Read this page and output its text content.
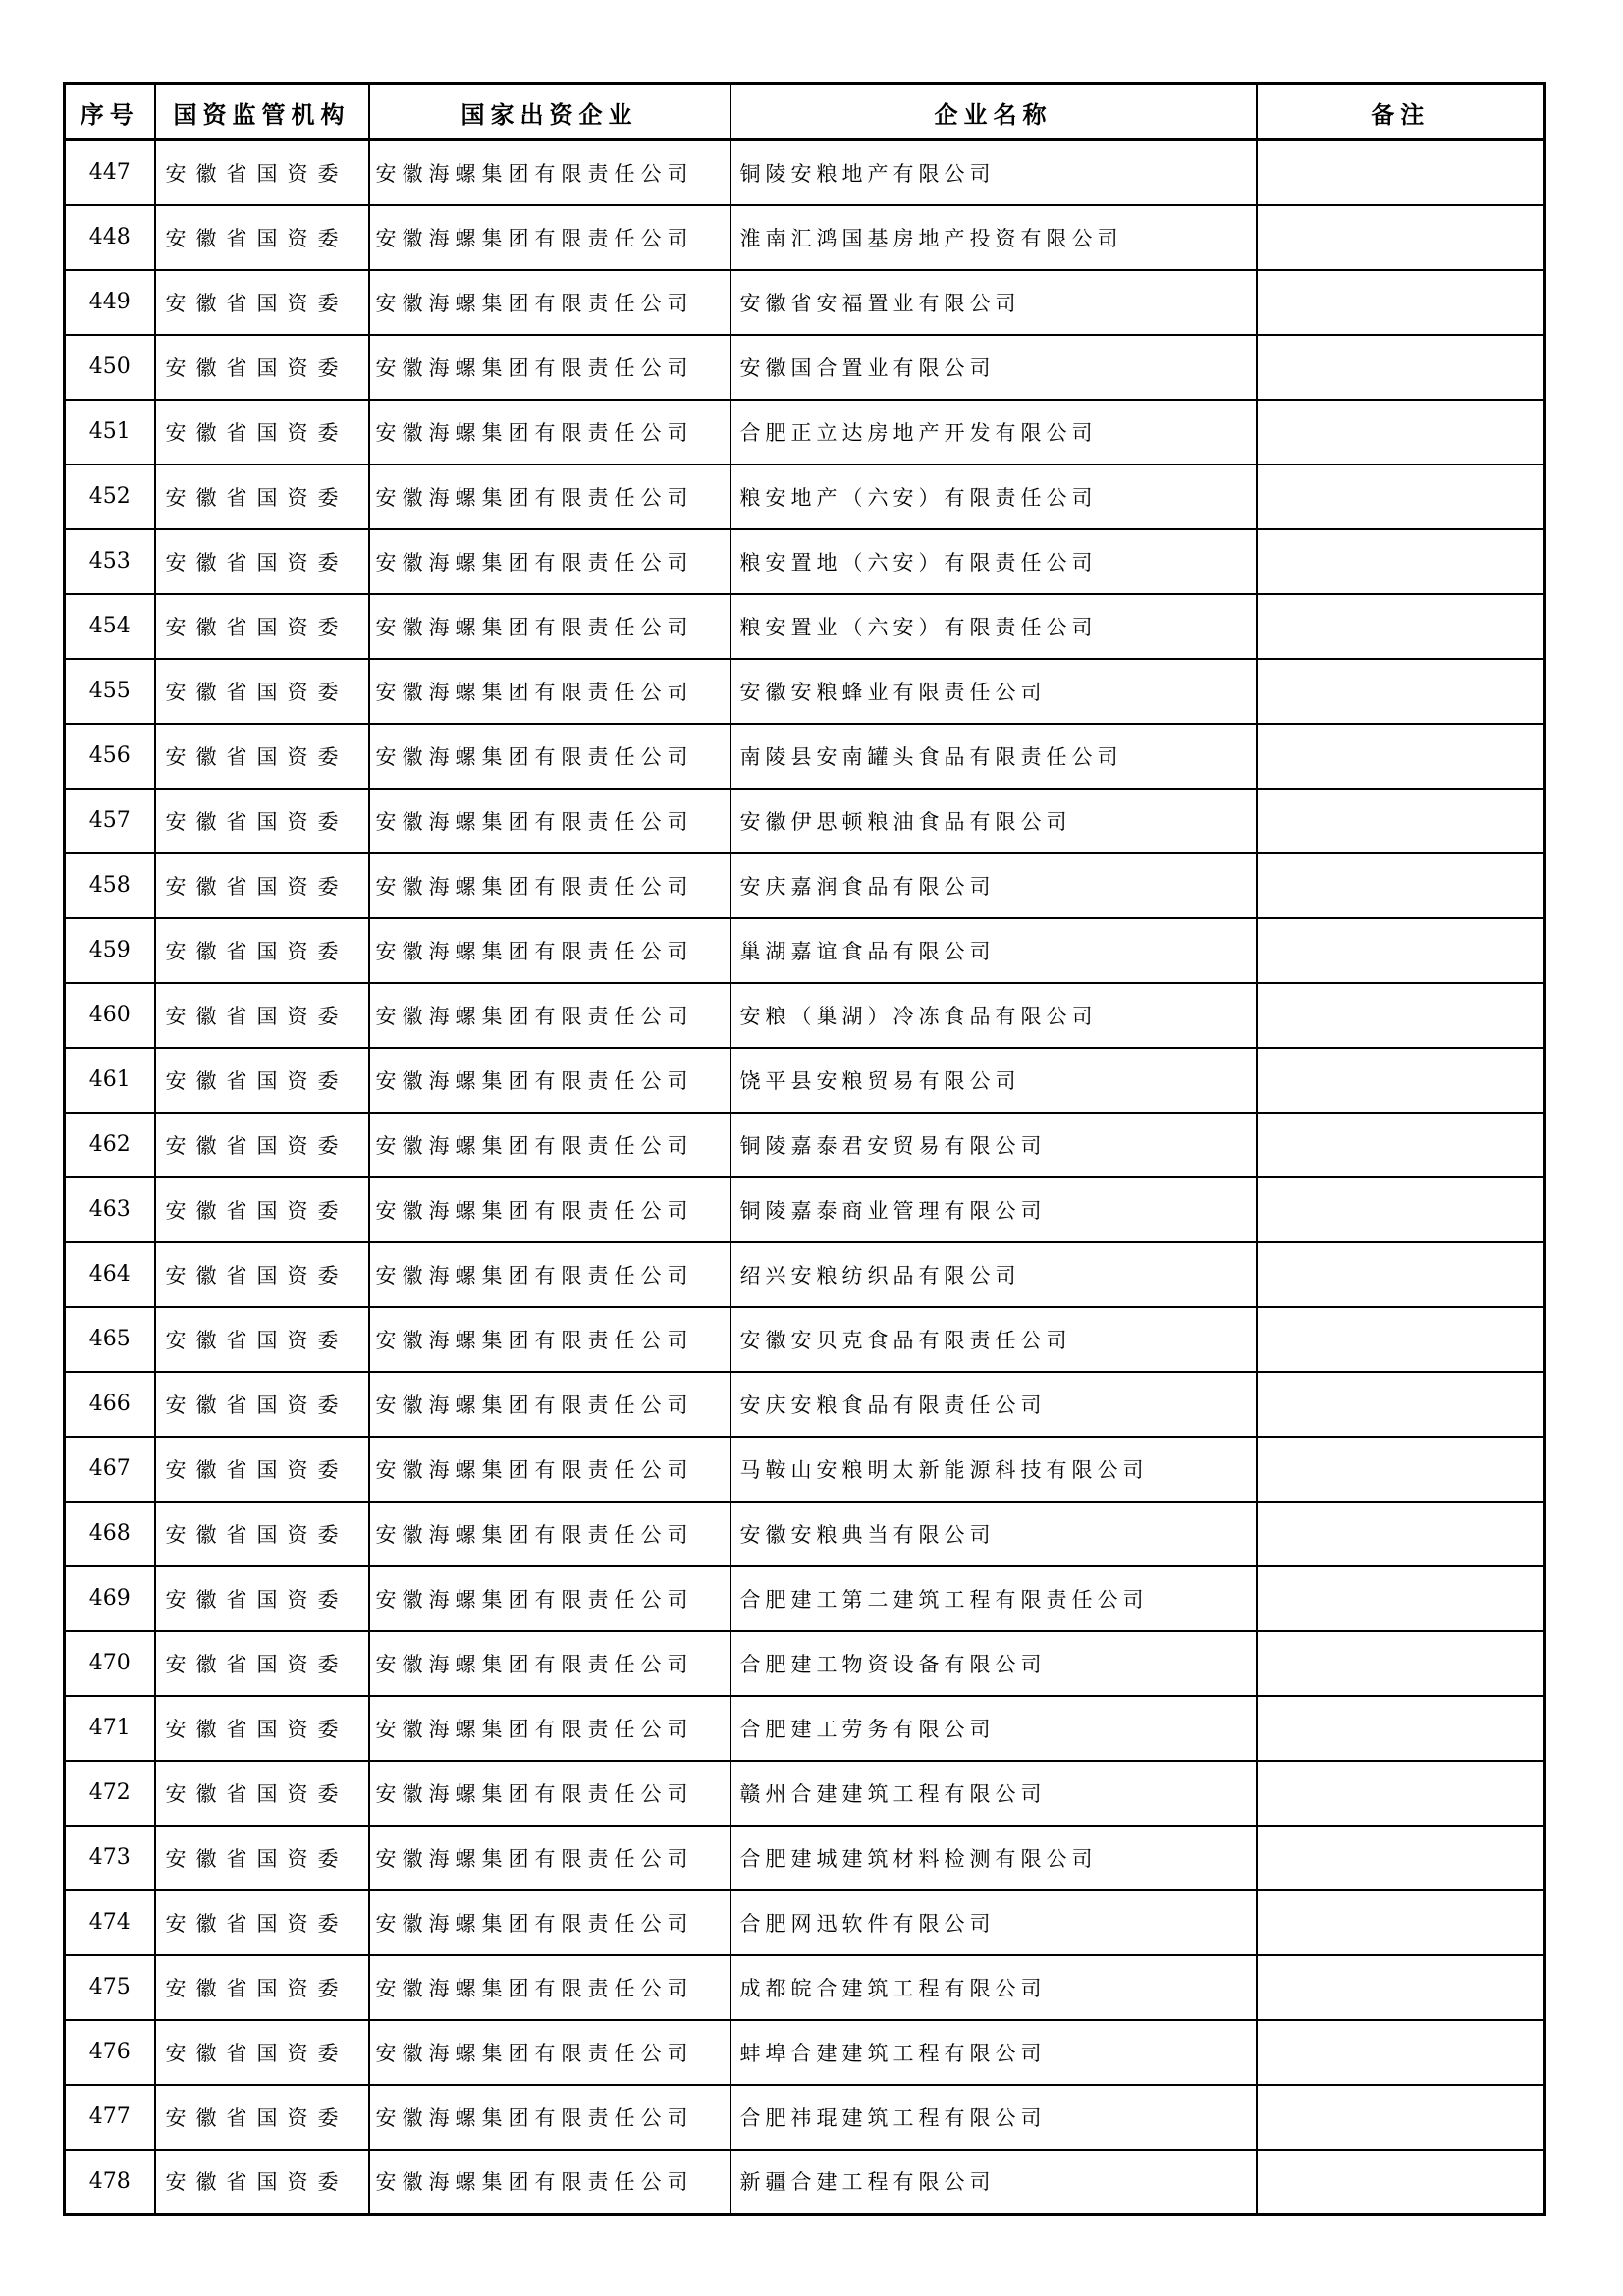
序号	国资监管机构	国家出资企业	企业名称	备注
447	安徽省国资委	安徽海螺集团有限责任公司	铜陵安粮地产有限公司	
448	安徽省国资委	安徽海螺集团有限责任公司	淮南汇鸿国基房地产投资有限公司	
449	安徽省国资委	安徽海螺集团有限责任公司	安徽省安福置业有限公司	
450	安徽省国资委	安徽海螺集团有限责任公司	安徽国合置业有限公司	
451	安徽省国资委	安徽海螺集团有限责任公司	合肥正立达房地产开发有限公司	
452	安徽省国资委	安徽海螺集团有限责任公司	粮安地产（六安）有限责任公司	
453	安徽省国资委	安徽海螺集团有限责任公司	粮安置地（六安）有限责任公司	
454	安徽省国资委	安徽海螺集团有限责任公司	粮安置业（六安）有限责任公司	
455	安徽省国资委	安徽海螺集团有限责任公司	安徽安粮蜂业有限责任公司	
456	安徽省国资委	安徽海螺集团有限责任公司	南陵县安南罐头食品有限责任公司	
457	安徽省国资委	安徽海螺集团有限责任公司	安徽伊思顿粮油食品有限公司	
458	安徽省国资委	安徽海螺集团有限责任公司	安庆嘉润食品有限公司	
459	安徽省国资委	安徽海螺集团有限责任公司	巢湖嘉谊食品有限公司	
460	安徽省国资委	安徽海螺集团有限责任公司	安粮（巢湖）冷冻食品有限公司	
461	安徽省国资委	安徽海螺集团有限责任公司	饶平县安粮贸易有限公司	
462	安徽省国资委	安徽海螺集团有限责任公司	铜陵嘉泰君安贸易有限公司	
463	安徽省国资委	安徽海螺集团有限责任公司	铜陵嘉泰商业管理有限公司	
464	安徽省国资委	安徽海螺集团有限责任公司	绍兴安粮纺织品有限公司	
465	安徽省国资委	安徽海螺集团有限责任公司	安徽安贝克食品有限责任公司	
466	安徽省国资委	安徽海螺集团有限责任公司	安庆安粮食品有限责任公司	
467	安徽省国资委	安徽海螺集团有限责任公司	马鞍山安粮明太新能源科技有限公司	
468	安徽省国资委	安徽海螺集团有限责任公司	安徽安粮典当有限公司	
469	安徽省国资委	安徽海螺集团有限责任公司	合肥建工第二建筑工程有限责任公司	
470	安徽省国资委	安徽海螺集团有限责任公司	合肥建工物资设备有限公司	
471	安徽省国资委	安徽海螺集团有限责任公司	合肥建工劳务有限公司	
472	安徽省国资委	安徽海螺集团有限责任公司	赣州合建建筑工程有限公司	
473	安徽省国资委	安徽海螺集团有限责任公司	合肥建城建筑材料检测有限公司	
474	安徽省国资委	安徽海螺集团有限责任公司	合肥网迅软件有限公司	
475	安徽省国资委	安徽海螺集团有限责任公司	成都皖合建筑工程有限公司	
476	安徽省国资委	安徽海螺集团有限责任公司	蚌埠合建建筑工程有限公司	
477	安徽省国资委	安徽海螺集团有限责任公司	合肥祎琨建筑工程有限公司	
478	安徽省国资委	安徽海螺集团有限责任公司	新疆合建工程有限公司	
